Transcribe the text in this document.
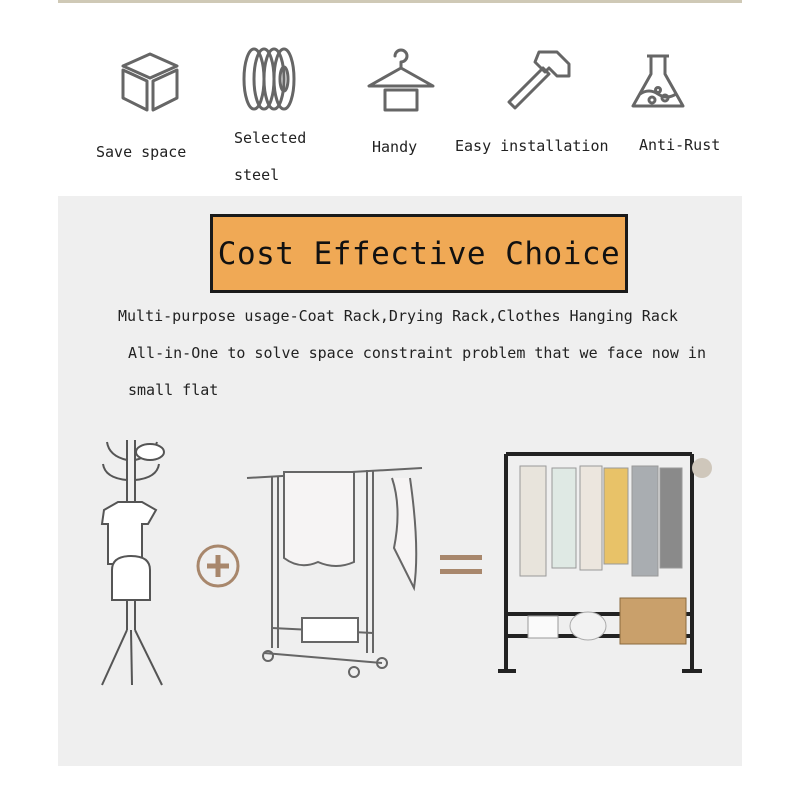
Save space
Selected
steel
Handy	Easy installation Anti-Rust
Cost Effective Choice
Multi-purpose usage-Coat Rack,Drying Rack,Clothes Hanging Rack
All-in-One to solve space constraint problem that we face now in
small flat
